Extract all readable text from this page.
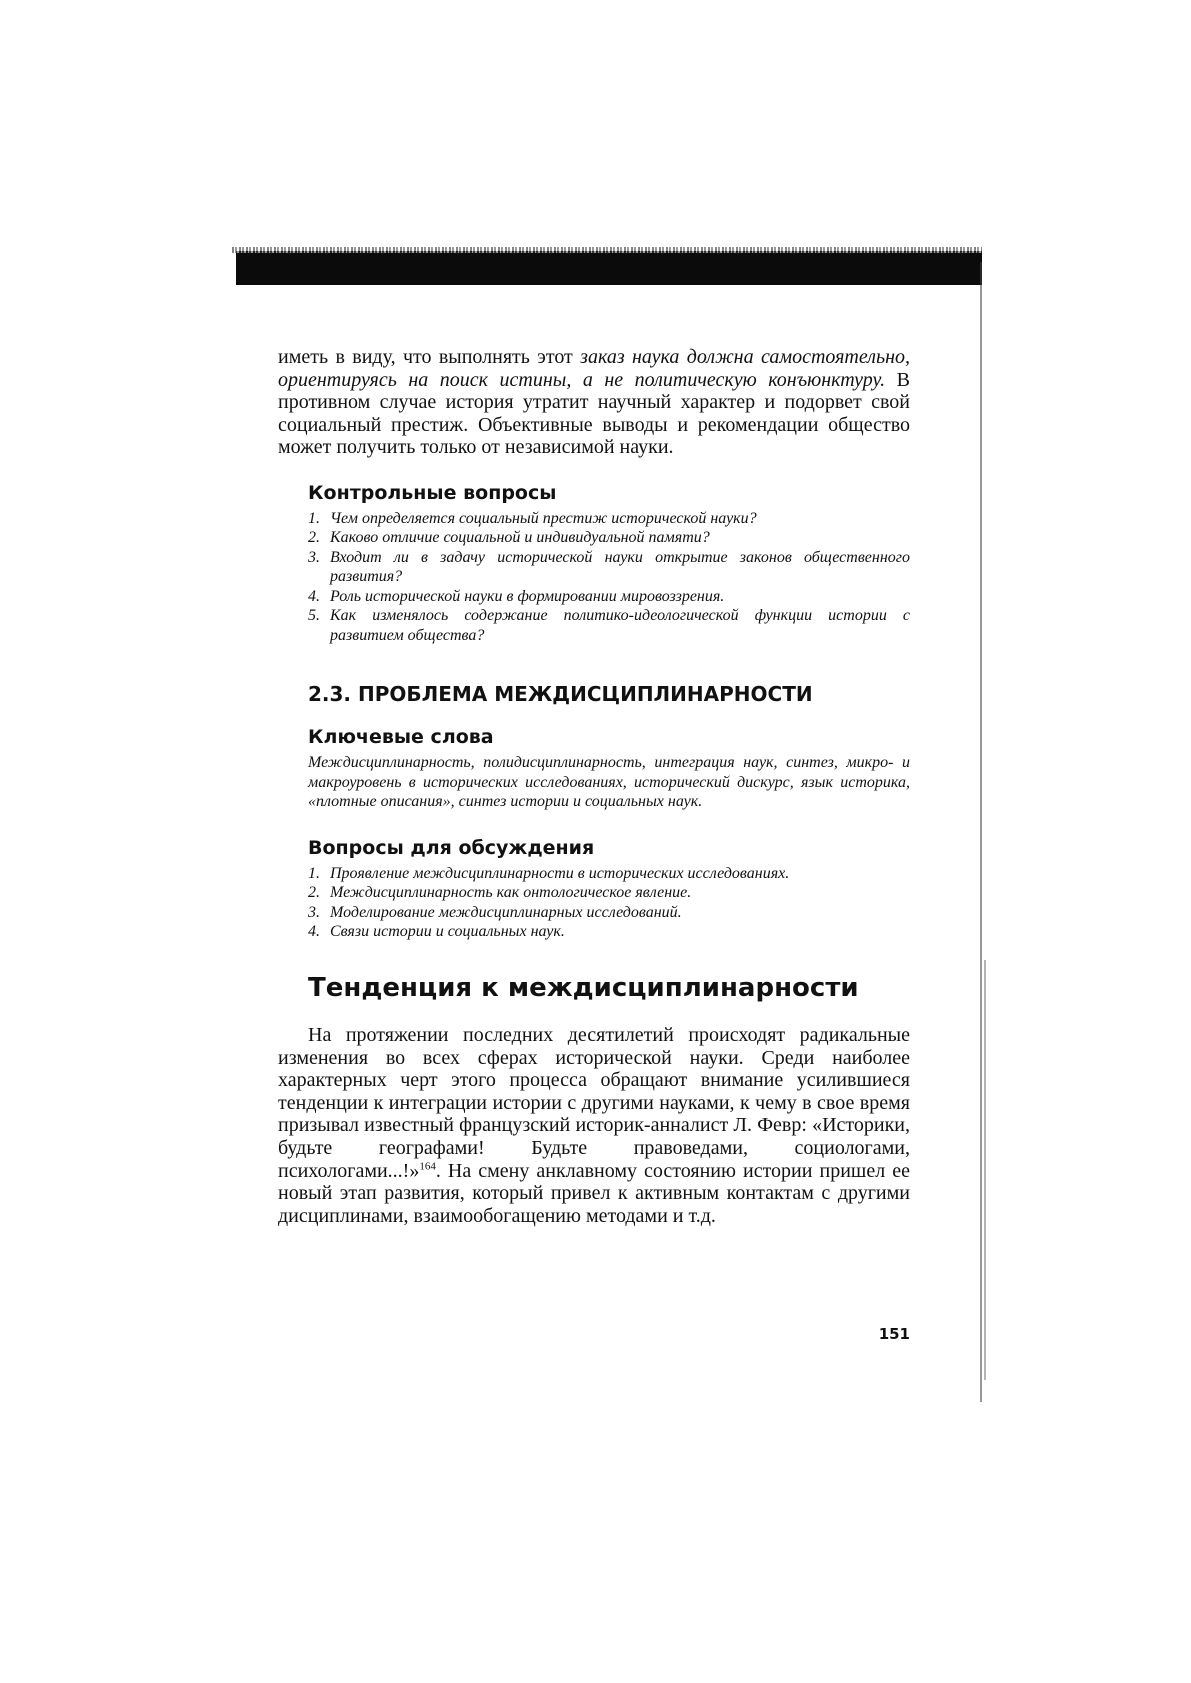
иметь в виду, что выполнять этот заказ наука должна самостоятельно, ориентируясь на поиск истины, а не политическую конъюнктуру. В противном случае история утратит научный характер и подорвет свой социальный престиж. Объективные выводы и рекомендации общество может получить только от независимой науки.

Контрольные вопросы
1. Чем определяется социальный престиж исторической науки?
2. Каково отличие социальной и индивидуальной памяти?
3. Входит ли в задачу исторической науки открытие законов общественного развития?
4. Роль исторической науки в формировании мировоззрения.
5. Как изменялось содержание политико-идеологической функции истории с развитием общества?
2.3. ПРОБЛЕМА МЕЖДИСЦИПЛИНАРНОСТИ
Ключевые слова

Междисциплинарность, полидисциплинарность, интеграция наук, синтез, микро- и макроуровень в исторических исследованиях, исторический дискурс, язык историка, «плотные описания», синтез истории и социальных наук.

Вопросы для обсуждения
1. Проявление междисциплинарности в исторических исследованиях.
2. Междисциплинарность как онтологическое явление.
3. Моделирование междисциплинарных исследований.
4. Связи истории и социальных наук.
Тенденция к междисциплинарности

На протяжении последних десятилетий происходят радикальные изменения во всех сферах исторической науки. Среди наиболее характерных черт этого процесса обращают внимание усилившиеся тенденции к интеграции истории с другими науками, к чему в свое время призывал известный французский историк-анналист Л. Февр: «Историки, будьте географами! Будьте правоведами, социологами, психологами...!»$^{164}$. На смену анклавному состоянию истории пришел ее новый этап развития, который привел к активным контактам с другими дисциплинами, взаимообогащению методами и т.д.

151
